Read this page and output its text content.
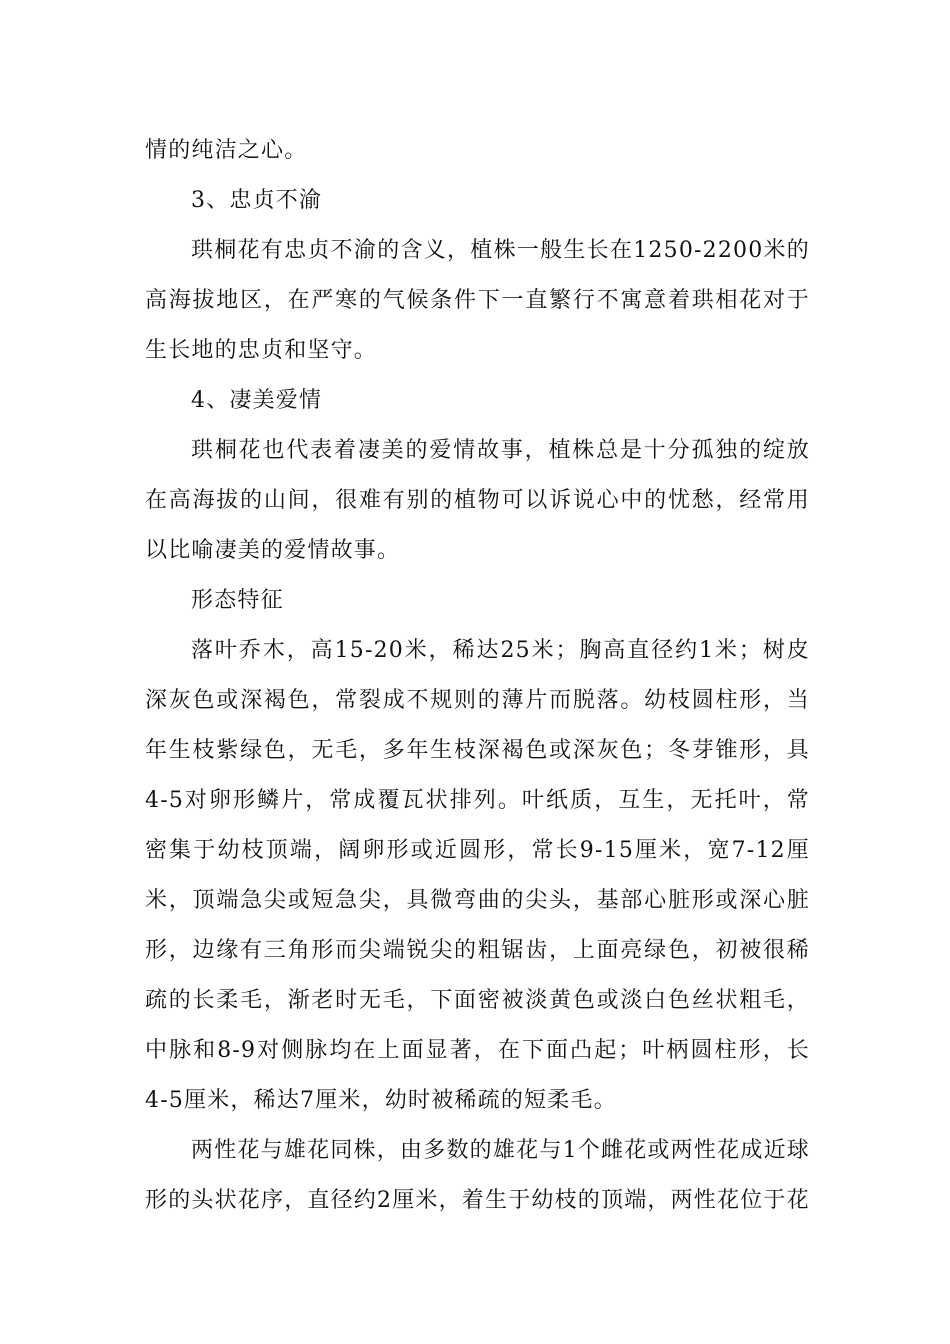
情的纯洁之心。

3、忠贞不渝

珙桐花有忠贞不渝的含义，植株一般生长在1250-2200米的高海拔地区，在严寒的气候条件下一直繁行不寓意着珙相花对于生长地的忠贞和坚守。

4、凄美爱情

珙桐花也代表着凄美的爱情故事，植株总是十分孤独的绽放在高海拔的山间，很难有别的植物可以诉说心中的忧愁，经常用以比喻凄美的爱情故事。

形态特征

落叶乔木，高15-20米，稀达25米；胸高直径约1米；树皮深灰色或深褐色，常裂成不规则的薄片而脱落。幼枝圆柱形，当年生枝紫绿色，无毛，多年生枝深褐色或深灰色；冬芽锥形，具4-5对卵形鳞片，常成覆瓦状排列。叶纸质，互生，无托叶，常密集于幼枝顶端，阔卵形或近圆形，常长9-15厘米，宽7-12厘米，顶端急尖或短急尖，具微弯曲的尖头，基部心脏形或深心脏形，边缘有三角形而尖端锐尖的粗锯齿，上面亮绿色，初被很稀疏的长柔毛，渐老时无毛，下面密被淡黄色或淡白色丝状粗毛，中脉和8-9对侧脉均在上面显著，在下面凸起；叶柄圆柱形，长4-5厘米，稀达7厘米，幼时被稀疏的短柔毛。

两性花与雄花同株，由多数的雄花与1个雌花或两性花成近球形的头状花序，直径约2厘米，着生于幼枝的顶端，两性花位于花
